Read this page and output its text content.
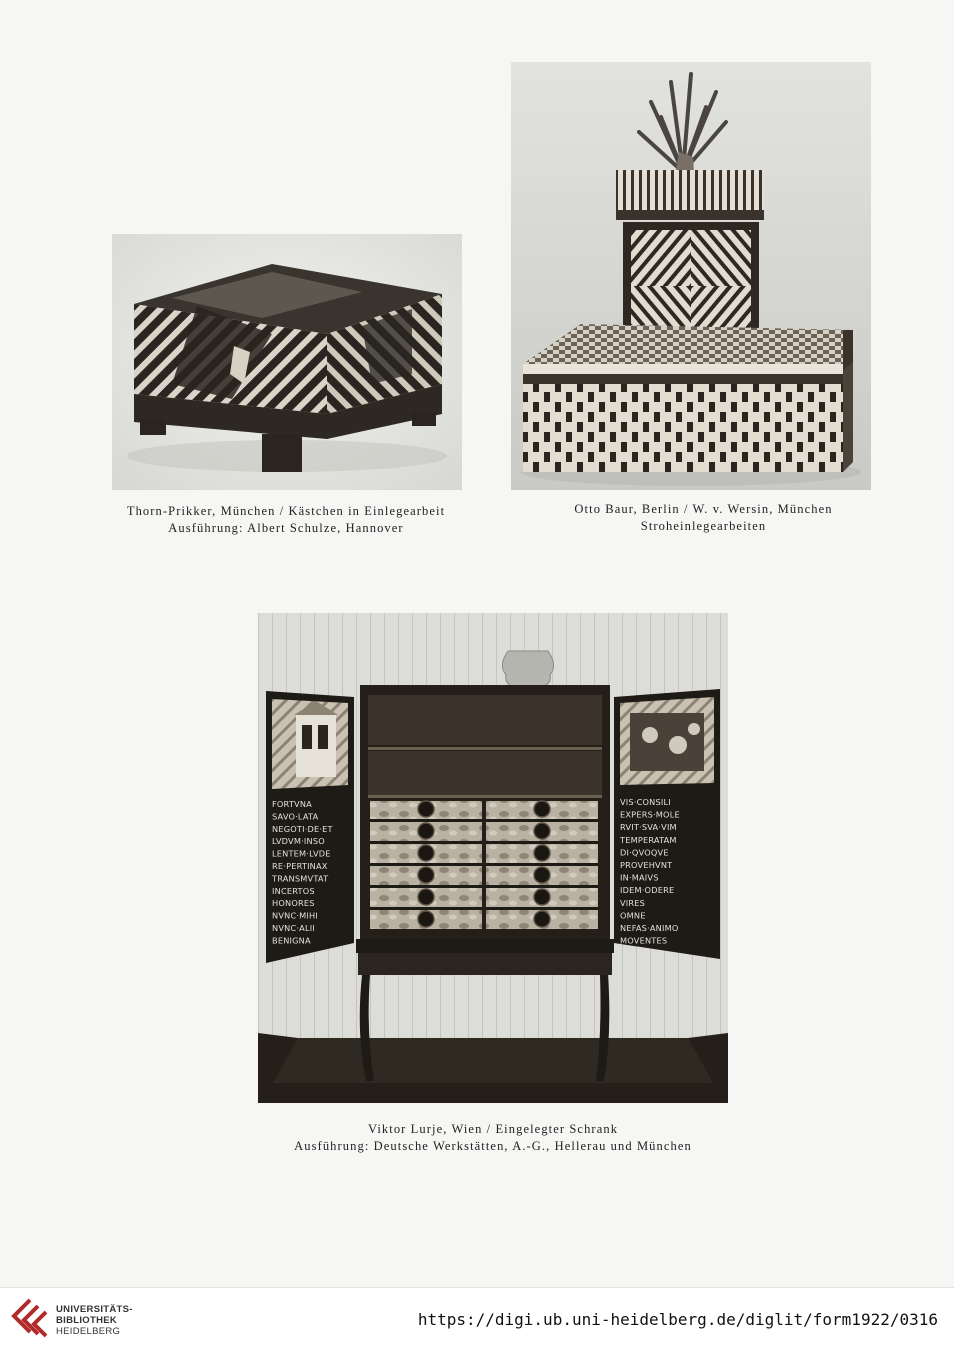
Thorn-Prikker, München / Kästchen in Einlegearbeit
Ausführung: Albert Schulze, Hannover
Otto Baur, Berlin / W. v. Wersin, München
Stroheinlegearbeiten
FORTVNA
SAVO·LATA
NEGOTI·DE·ET
LVDVM·INSO
LENTEM·LVDE
RE·PERTINAX
TRANSMVTAT
INCERTOS
HONORES
NVNC·MIHI
NVNC·ALII
BENIGNA
VIS·CONSILI
EXPERS·MOLE
RVIT·SVA·VIM
TEMPERATAM
DI·QVOQVE
PROVEHVNT
IN·MAIVS
IDEM·ODERE
VIRES
OMNE
NEFAS·ANIMO
MOVENTES
Viktor Lurje, Wien / Eingelegter Schrank
Ausführung: Deutsche Werkstätten, A.-G., Hellerau und München
UNIVERSITÄTS-
BIBLIOTHEK
HEIDELBERG
https://digi.ub.uni-heidelberg.de/diglit/form1922/0316
